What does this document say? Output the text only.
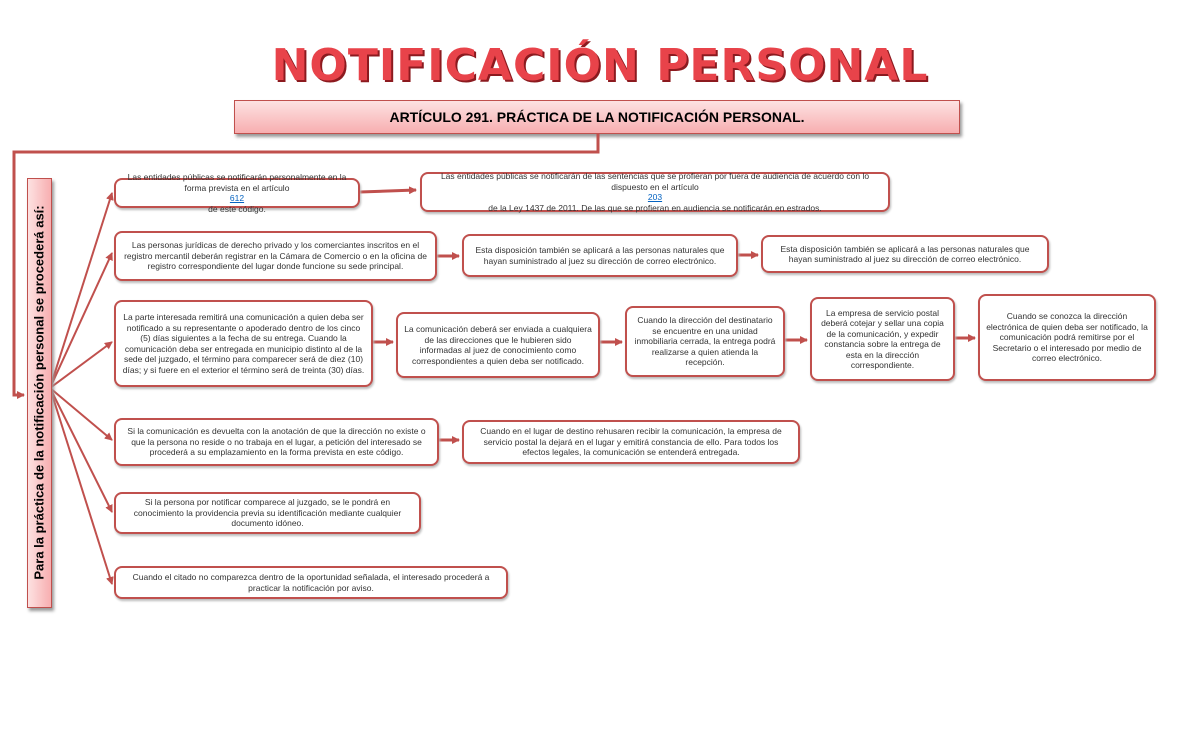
NOTIFICACIÓN PERSONAL
ARTÍCULO 291. PRÁCTICA DE LA NOTIFICACIÓN PERSONAL.
Para la práctica de la notificación personal se procederá así:
Las entidades públicas se notificarán personalmente en la forma prevista en el artículo
612
de este código.
Las entidades públicas se notificarán de las sentencias que se profieran por fuera de audiencia de acuerdo con lo dispuesto en el artículo
203
de la Ley 1437 de 2011. De las que se profieran en audiencia se notificarán en estrados.
Las personas jurídicas de derecho privado y los comerciantes inscritos en el registro mercantil deberán registrar en la Cámara de Comercio o en la oficina de registro correspondiente del lugar donde funcione su sede principal.
Esta disposición también se aplicará a las personas naturales que hayan suministrado al juez su dirección de correo electrónico.
Esta disposición también se aplicará a las personas naturales que hayan suministrado al juez su dirección de correo electrónico.
La parte interesada remitirá una comunicación a quien deba ser notificado a su representante o apoderado dentro de los cinco (5) días siguientes a la fecha de su entrega. Cuando la comunicación deba ser entregada en municipio distinto al de la sede del juzgado, el término para comparecer será de diez (10) días; y si fuere en el exterior el término será de treinta (30) días.
La comunicación deberá ser enviada a cualquiera de las direcciones que le hubieren sido informadas al juez de conocimiento como correspondientes a quien deba ser notificado.
Cuando la dirección del destinatario se encuentre en una unidad inmobiliaria cerrada, la entrega podrá realizarse a quien atienda la recepción.
La empresa de servicio postal deberá cotejar y sellar una copia de la comunicación, y expedir constancia sobre la entrega de esta en la dirección correspondiente.
Cuando se conozca la dirección electrónica de quien deba ser notificado, la comunicación podrá remitirse por el Secretario o el interesado por medio de correo electrónico.
Si la comunicación es devuelta con la anotación de que la dirección no existe o que la persona no reside o no trabaja en el lugar, a petición del interesado se procederá a su emplazamiento en la forma prevista en este código.
Cuando en el lugar de destino rehusaren recibir la comunicación, la empresa de servicio postal la dejará en el lugar y emitirá constancia de ello. Para todos los efectos legales, la comunicación se entenderá entregada.
Si la persona por notificar comparece al juzgado, se le pondrá en conocimiento la providencia previa su identificación mediante cualquier documento idóneo.
Cuando el citado no comparezca dentro de la oportunidad señalada, el interesado procederá a practicar la notificación por aviso.
